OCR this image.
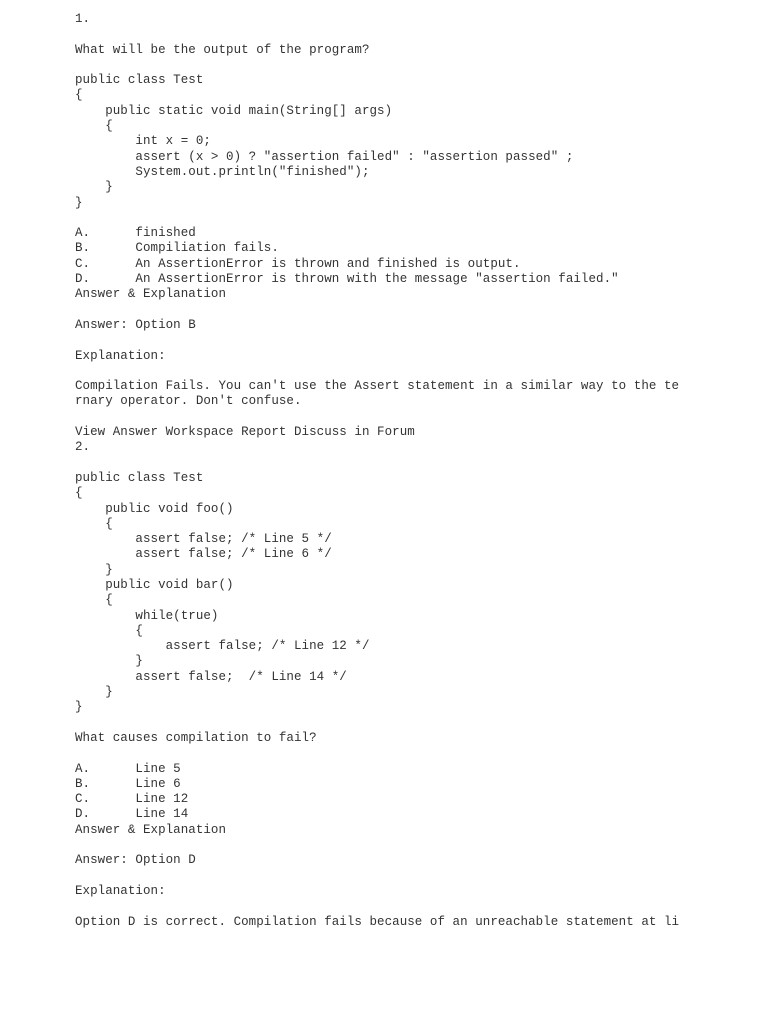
1.
What will be the output of the program?
public class Test
{
public static void main(String[] args)
{
int x = 0;
assert (x > 0) ? "assertion failed" : "assertion passed" ;
System.out.println("finished");
}
}
A.      finished
B.      Compiliation fails.
C.      An AssertionError is thrown and finished is output.
D.      An AssertionError is thrown with the message "assertion failed."
Answer & Explanation
Answer: Option B
Explanation:
Compilation Fails. You can't use the Assert statement in a similar way to the te
rnary operator. Don't confuse.
View Answer Workspace Report Discuss in Forum
2.
public class Test
{
public void foo()
{
assert false; /* Line 5 */
assert false; /* Line 6 */
}
public void bar()
{
while(true)
{
assert false; /* Line 12 */
}
assert false;  /* Line 14 */
}
}
What causes compilation to fail?
A.      Line 5
B.      Line 6
C.      Line 12
D.      Line 14
Answer & Explanation
Answer: Option D
Explanation:
Option D is correct. Compilation fails because of an unreachable statement at li
